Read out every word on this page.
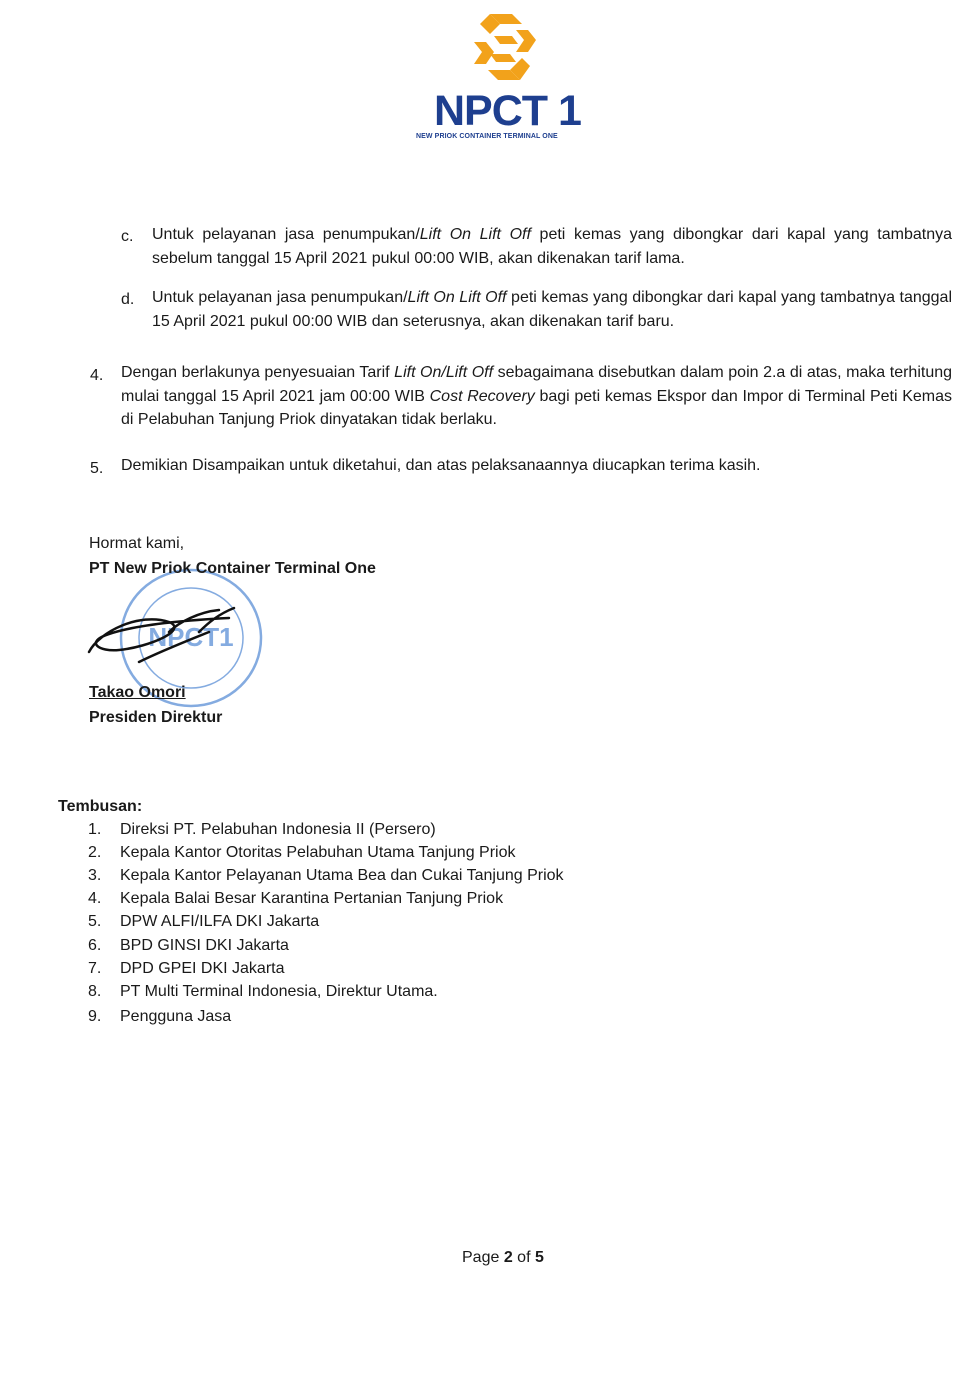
NPCT 1
NEW PRIOK CONTAINER TERMINAL ONE
c. Untuk pelayanan jasa penumpukan/Lift On Lift Off peti kemas yang dibongkar dari kapal yang tambatnya sebelum tanggal 15 April 2021 pukul 00:00 WIB, akan dikenakan tarif lama.
d. Untuk pelayanan jasa penumpukan/Lift On Lift Off peti kemas yang dibongkar dari kapal yang tambatnya tanggal 15 April 2021 pukul 00:00 WIB dan seterusnya, akan dikenakan tarif baru.
4. Dengan berlakunya penyesuaian Tarif Lift On/Lift Off sebagaimana disebutkan dalam poin 2.a di atas, maka terhitung mulai tanggal 15 April 2021 jam 00:00 WIB Cost Recovery bagi peti kemas Ekspor dan Impor di Terminal Peti Kemas di Pelabuhan Tanjung Priok dinyatakan tidak berlaku.
5. Demikian Disampaikan untuk diketahui, dan atas pelaksanaannya diucapkan terima kasih.
NPCT1
Hormat kami,
PT New Priok Container Terminal One
Takao Omori
Presiden Direktur
Tembusan:
1. Direksi PT. Pelabuhan Indonesia II (Persero)
2. Kepala Kantor Otoritas Pelabuhan Utama Tanjung Priok
3. Kepala Kantor Pelayanan Utama Bea dan Cukai Tanjung Priok
4. Kepala Balai Besar Karantina Pertanian Tanjung Priok
5. DPW ALFI/ILFA DKI Jakarta
6. BPD GINSI DKI Jakarta
7. DPD GPEI DKI Jakarta
8. PT Multi Terminal Indonesia, Direktur Utama.
9. Pengguna Jasa
Page 2 of 5
